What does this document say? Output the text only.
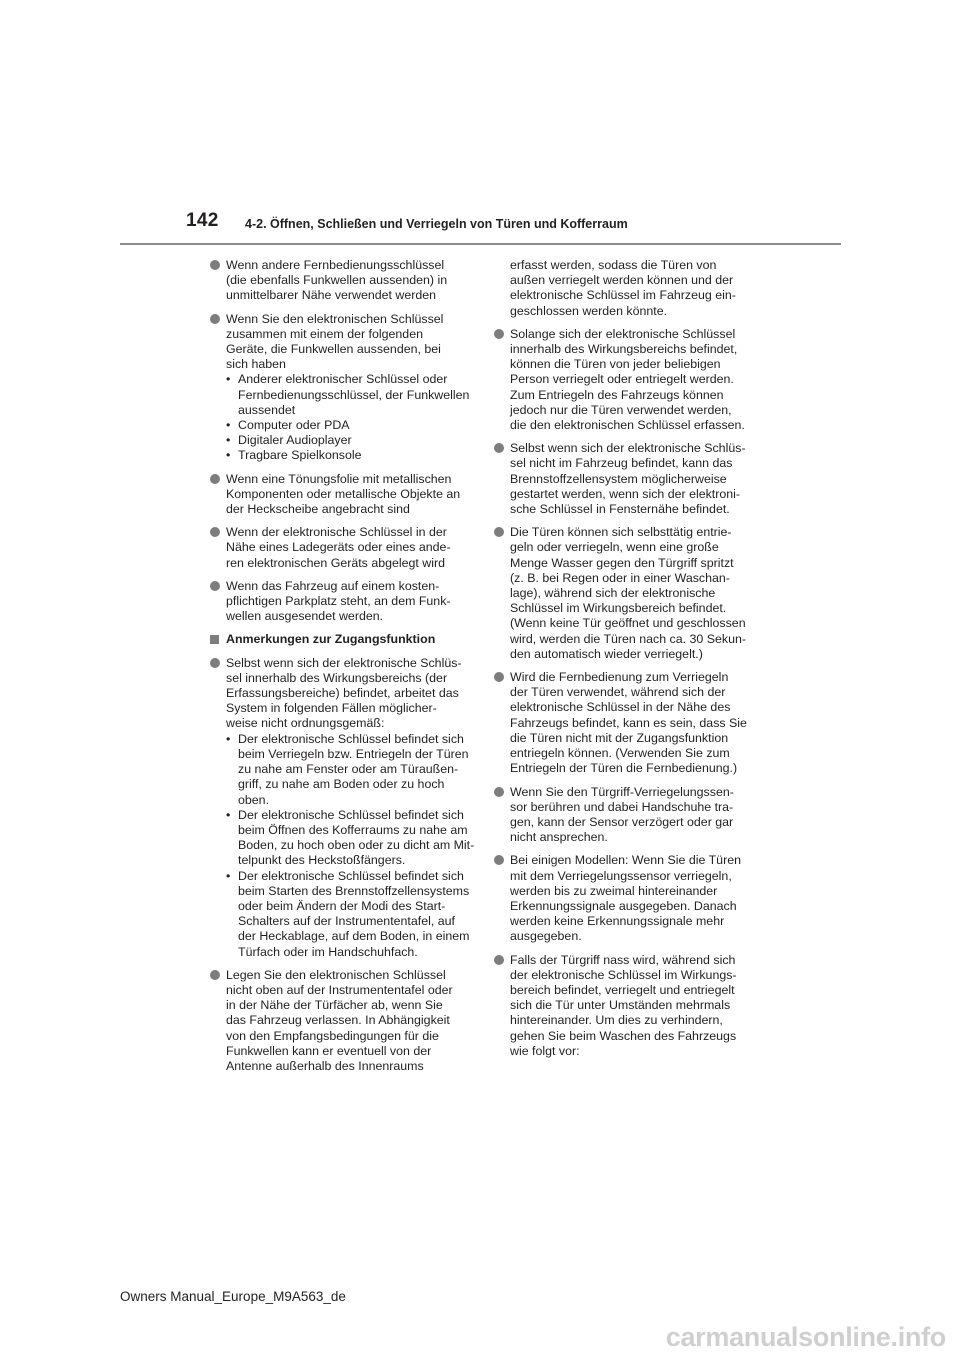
142 4-2. Öffnen, Schließen und Verriegeln von Türen und Kofferraum
Wenn andere Fernbedienungsschlüssel
(die ebenfalls Funkwellen aussenden) in
unmittelbarer Nähe verwendet werden
Wenn Sie den elektronischen Schlüssel
zusammen mit einem der folgenden
Geräte, die Funkwellen aussenden, bei
sich haben
• Anderer elektronischer Schlüssel oder
Fernbedienungsschlüssel, der Funkwellen
aussendet
• Computer oder PDA
• Digitaler Audioplayer
• Tragbare Spielkonsole
Wenn eine Tönungsfolie mit metallischen
Komponenten oder metallische Objekte an
der Heckscheibe angebracht sind
Wenn der elektronische Schlüssel in der
Nähe eines Ladegeräts oder eines ande-
ren elektronischen Geräts abgelegt wird
Wenn das Fahrzeug auf einem kosten-
pflichtigen Parkplatz steht, an dem Funk-
wellen ausgesendet werden.
Anmerkungen zur Zugangsfunktion
Selbst wenn sich der elektronische Schlüs-
sel innerhalb des Wirkungsbereichs (der
Erfassungsbereiche) befindet, arbeitet das
System in folgenden Fällen möglicher-
weise nicht ordnungsgemäß:
• Der elektronische Schlüssel befindet sich
beim Verriegeln bzw. Entriegeln der Türen
zu nahe am Fenster oder am Türaußen-
griff, zu nahe am Boden oder zu hoch
oben.
• Der elektronische Schlüssel befindet sich
beim Öffnen des Kofferraums zu nahe am
Boden, zu hoch oben oder zu dicht am Mit-
telpunkt des Heckstoßfängers.
• Der elektronische Schlüssel befindet sich
beim Starten des Brennstoffzellensystems
oder beim Ändern der Modi des Start-
Schalters auf der Instrumententafel, auf
der Heckablage, auf dem Boden, in einem
Türfach oder im Handschuhfach.
Legen Sie den elektronischen Schlüssel
nicht oben auf der Instrumententafel oder
in der Nähe der Türfächer ab, wenn Sie
das Fahrzeug verlassen. In Abhängigkeit
von den Empfangsbedingungen für die
Funkwellen kann er eventuell von der
Antenne außerhalb des Innenraums
erfasst werden, sodass die Türen von
außen verriegelt werden können und der
elektronische Schlüssel im Fahrzeug ein-
geschlossen werden könnte.
Solange sich der elektronische Schlüssel
innerhalb des Wirkungsbereichs befindet,
können die Türen von jeder beliebigen
Person verriegelt oder entriegelt werden.
Zum Entriegeln des Fahrzeugs können
jedoch nur die Türen verwendet werden,
die den elektronischen Schlüssel erfassen.
Selbst wenn sich der elektronische Schlüs-
sel nicht im Fahrzeug befindet, kann das
Brennstoffzellensystem möglicherweise
gestartet werden, wenn sich der elektroni-
sche Schlüssel in Fensternähe befindet.
Die Türen können sich selbsttätig entrie-
geln oder verriegeln, wenn eine große
Menge Wasser gegen den Türgriff spritzt
(z. B. bei Regen oder in einer Waschan-
lage), während sich der elektronische
Schlüssel im Wirkungsbereich befindet.
(Wenn keine Tür geöffnet und geschlossen
wird, werden die Türen nach ca. 30 Sekun-
den automatisch wieder verriegelt.)
Wird die Fernbedienung zum Verriegeln
der Türen verwendet, während sich der
elektronische Schlüssel in der Nähe des
Fahrzeugs befindet, kann es sein, dass Sie
die Türen nicht mit der Zugangsfunktion
entriegeln können. (Verwenden Sie zum
Entriegeln der Türen die Fernbedienung.)
Wenn Sie den Türgriff-Verriegelungssen-
sor berühren und dabei Handschuhe tra-
gen, kann der Sensor verzögert oder gar
nicht ansprechen.
Bei einigen Modellen: Wenn Sie die Türen
mit dem Verriegelungssensor verriegeln,
werden bis zu zweimal hintereinander
Erkennungssignale ausgegeben. Danach
werden keine Erkennungssignale mehr
ausgegeben.
Falls der Türgriff nass wird, während sich
der elektronische Schlüssel im Wirkungs-
bereich befindet, verriegelt und entriegelt
sich die Tür unter Umständen mehrmals
hintereinander. Um dies zu verhindern,
gehen Sie beim Waschen des Fahrzeugs
wie folgt vor:
Owners Manual_Europe_M9A563_de
carmanualsonline.info
